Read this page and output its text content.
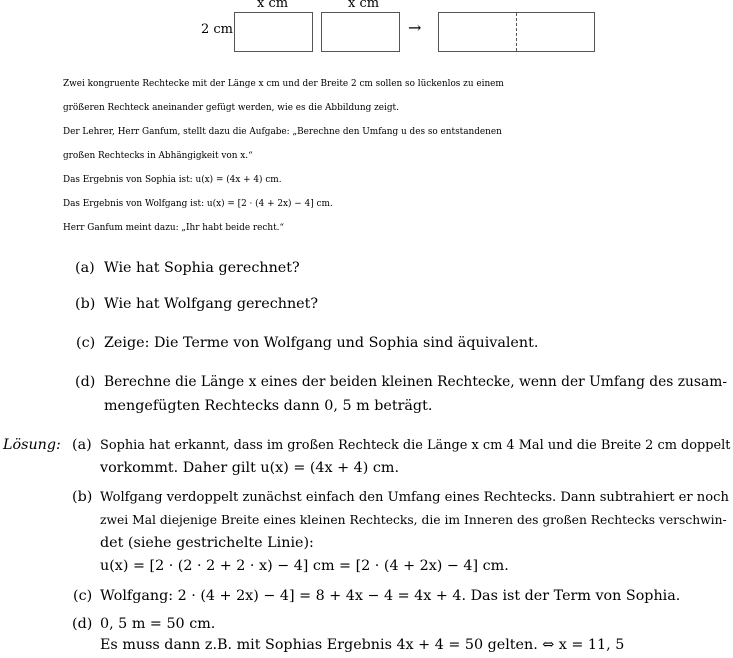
x cm	x cm
2 cm	→
Zwei kongruente Rechtecke mit der Länge x cm und der Breite 2 cm sollen so lückenlos zu einem
größeren Rechteck aneinander gefügt werden, wie es die Abbildung zeigt.
Der Lehrer, Herr Ganfum, stellt dazu die Aufgabe: „Berechne den Umfang u des so entstandenen
großen Rechtecks in Abhängigkeit von x.“
Das Ergebnis von Sophia ist: u(x) = (4x + 4) cm.
Das Ergebnis von Wolfgang ist: u(x) = [2 · (4 + 2x) − 4] cm.
Herr Ganfum meint dazu: „Ihr habt beide recht.“
(a) Wie hat Sophia gerechnet?
(b) Wie hat Wolfgang gerechnet?
(c) Zeige: Die Terme von Wolfgang und Sophia sind äquivalent.
(d) Berechne die Länge x eines der beiden kleinen Rechtecke, wenn der Umfang des zusam-
mengefügten Rechtecks dann 0, 5 m beträgt.
Lösung: (a) Sophia hat erkannt, dass im großen Rechteck die Länge x cm 4 Mal und die Breite 2 cm doppelt
vorkommt. Daher gilt u(x) = (4x + 4) cm.
(b) Wolfgang verdoppelt zunächst einfach den Umfang eines Rechtecks. Dann subtrahiert er noch
zwei Mal diejenige Breite eines kleinen Rechtecks, die im Inneren des großen Rechtecks verschwin-
det (siehe gestrichelte Linie):
u(x) = [2 · (2 · 2 + 2 · x) − 4] cm = [2 · (4 + 2x) − 4] cm.
(c) Wolfgang: 2 · (4 + 2x) − 4] = 8 + 4x − 4 = 4x + 4. Das ist der Term von Sophia.
(d) 0, 5 m = 50 cm.
Es muss dann z.B. mit Sophias Ergebnis 4x + 4 = 50 gelten. ⇔ x = 11, 5
